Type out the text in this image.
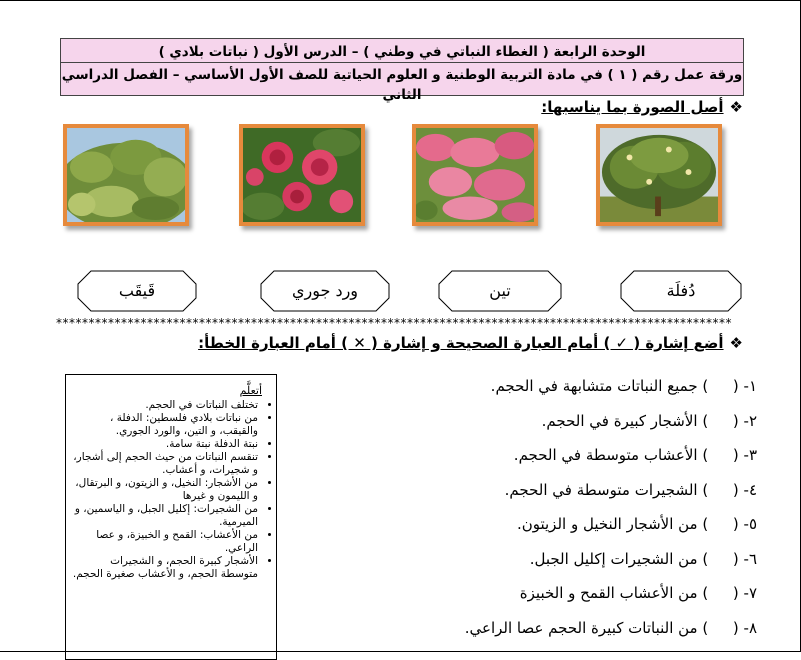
الوحدة الرابعة ( الغطاء النباتي في وطني ) – الدرس الأول ( نباتات بلادي )
ورقة عمل رقم ( ١ ) في مادة التربية الوطنية و العلوم الحياتية للصف الأول الأساسي – الفصل الدراسي الثاني
❖أصل الصورة بما يناسبها:
دُفلَة
تين
ورد جوري
قَيقَب
********************************************************************************************************
❖أضع إشارة ( ✓ ) أمام العبارة الصحيحة و إشارة ( ✕ ) أمام العبارة الخطأ:
١- ( ) جميع النباتات متشابهة في الحجم.
٢- ( ) الأشجار كبيرة في الحجم.
٣- ( ) الأعشاب متوسطة في الحجم.
٤- ( ) الشجيرات متوسطة في الحجم.
٥- ( ) من الأشجار النخيل و الزيتون.
٦- ( ) من الشجيرات إكليل الجبل.
٧- ( ) من الأعشاب القمح و الخبيزة
٨- ( ) من النباتات كبيرة الحجم عصا الراعي.
أتعلَّم
• تختلف النباتات في الحجم.
• من نباتات بلادي فلسطين: الدفلة ، والقيقب، و التين، والورد الجوري.
• نبتة الدفلة نبتة سامة.
• تنقسم النباتات من حيث الحجم إلى أشجار، و شجيرات، و أعشاب.
• من الأشجار: النخيل، و الزيتون، و البرتقال، و الليمون و غيرها
• من الشجيرات: إكليل الجبل، و الياسمين، و الميرمية.
• من الأعشاب: القمح و الخبيزة، و عصا الراعي.
• الأشجار كبيرة الحجم، و الشجيرات متوسطة الحجم، و الأعشاب صغيرة الحجم.
